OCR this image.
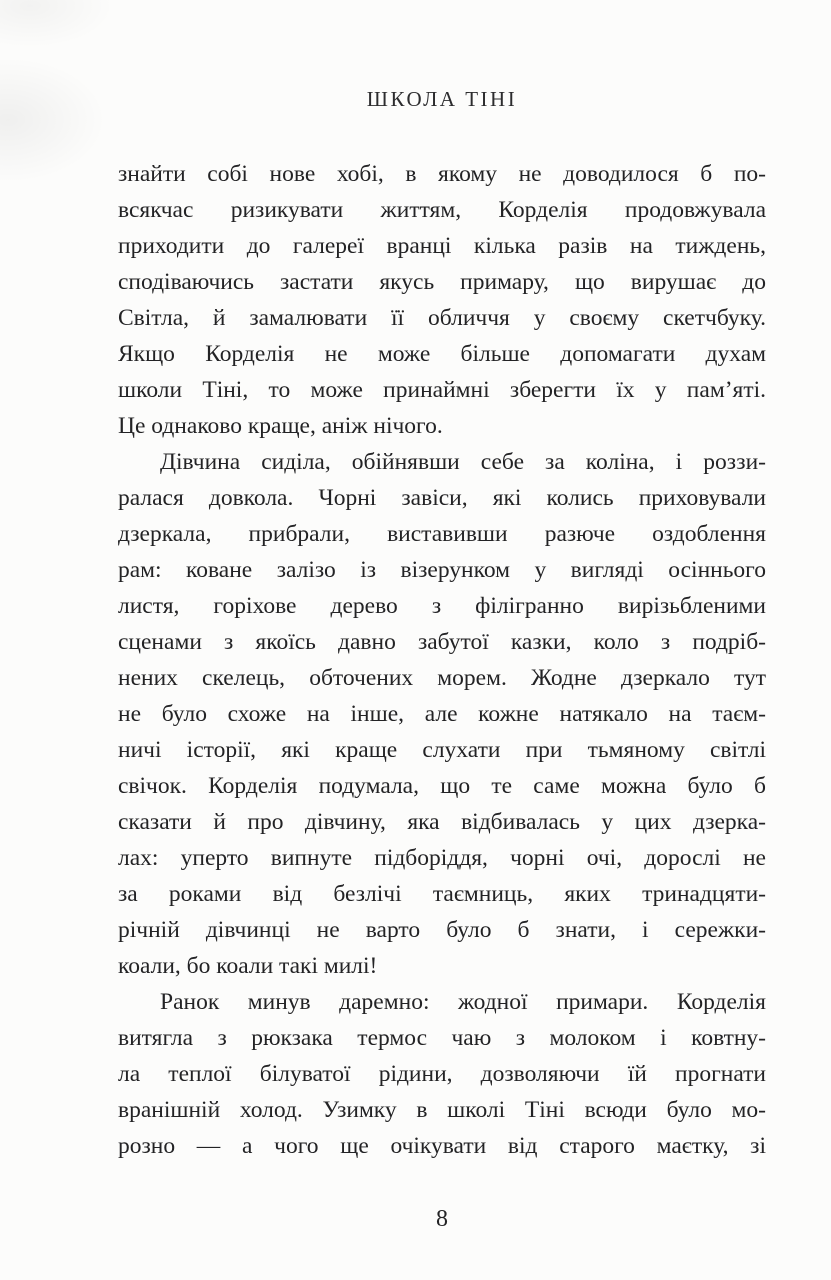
ШКОЛА ТІНІ

знайти собі нове хобі, в якому не доводилося б по-
всякчас ризикувати життям, Корделія продовжувала
приходити до галереї вранці кілька разів на тиждень,
сподіваючись застати якусь примару, що вирушає до
Світла, й замалювати її обличчя у своєму скетчбуку.
Якщо Корделія не може більше допомагати духам
школи Тіні, то може принаймні зберегти їх у пам’яті.
Це однаково краще, аніж нічого.

Дівчина сиділа, обійнявши себе за коліна, і роззи-
ралася довкола. Чорні завіси, які колись приховували
дзеркала, прибрали, виставивши разюче оздоблення
рам: коване залізо із візерунком у вигляді осіннього
листя, горіхове дерево з філігранно вирізьбленими
сценами з якоїсь давно забутої казки, коло з подріб-
нених скелець, обточених морем. Жодне дзеркало тут
не було схоже на інше, але кожне натякало на таєм-
ничі історії, які краще слухати при тьмяному світлі
свічок. Корделія подумала, що те саме можна було б
сказати й про дівчину, яка відбивалась у цих дзерка-
лах: уперто випнуте підборіддя, чорні очі, дорослі не
за роками від безлічі таємниць, яких тринадцяти-
річній дівчинці не варто було б знати, і сережки-
коали, бо коали такі милі!

Ранок минув даремно: жодної примари. Корделія
витягла з рюкзака термос чаю з молоком і ковтну-
ла теплої білуватої рідини, дозволяючи їй прогнати
вранішній холод. Узимку в школі Тіні всюди було мо-
розно — а чого ще очікувати від старого маєтку, зі

8
